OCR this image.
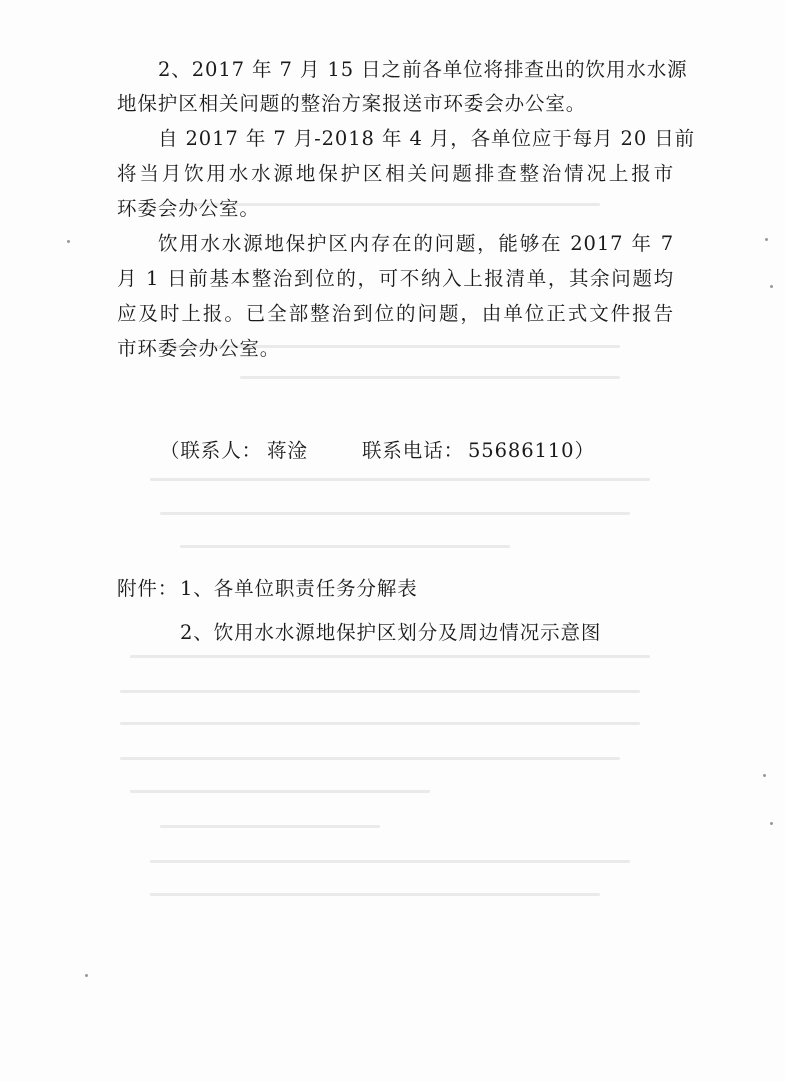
2、2017 年 7 月 15 日之前各单位将排查出的饮用水水源
地保护区相关问题的整治方案报送市环委会办公室。
自 2017 年 7 月-2018 年 4 月，各单位应于每月 20 日前
将当月饮用水水源地保护区相关问题排查整治情况上报市
环委会办公室。
饮用水水源地保护区内存在的问题，能够在 2017 年 7
月 1 日前基本整治到位的，可不纳入上报清单，其余问题均
应及时上报。已全部整治到位的问题，由单位正式文件报告
市环委会办公室。
（联系人： 蒋淦	联系电话： 55686110）
附件： 1、各单位职责任务分解表
2、饮用水水源地保护区划分及周边情况示意图
